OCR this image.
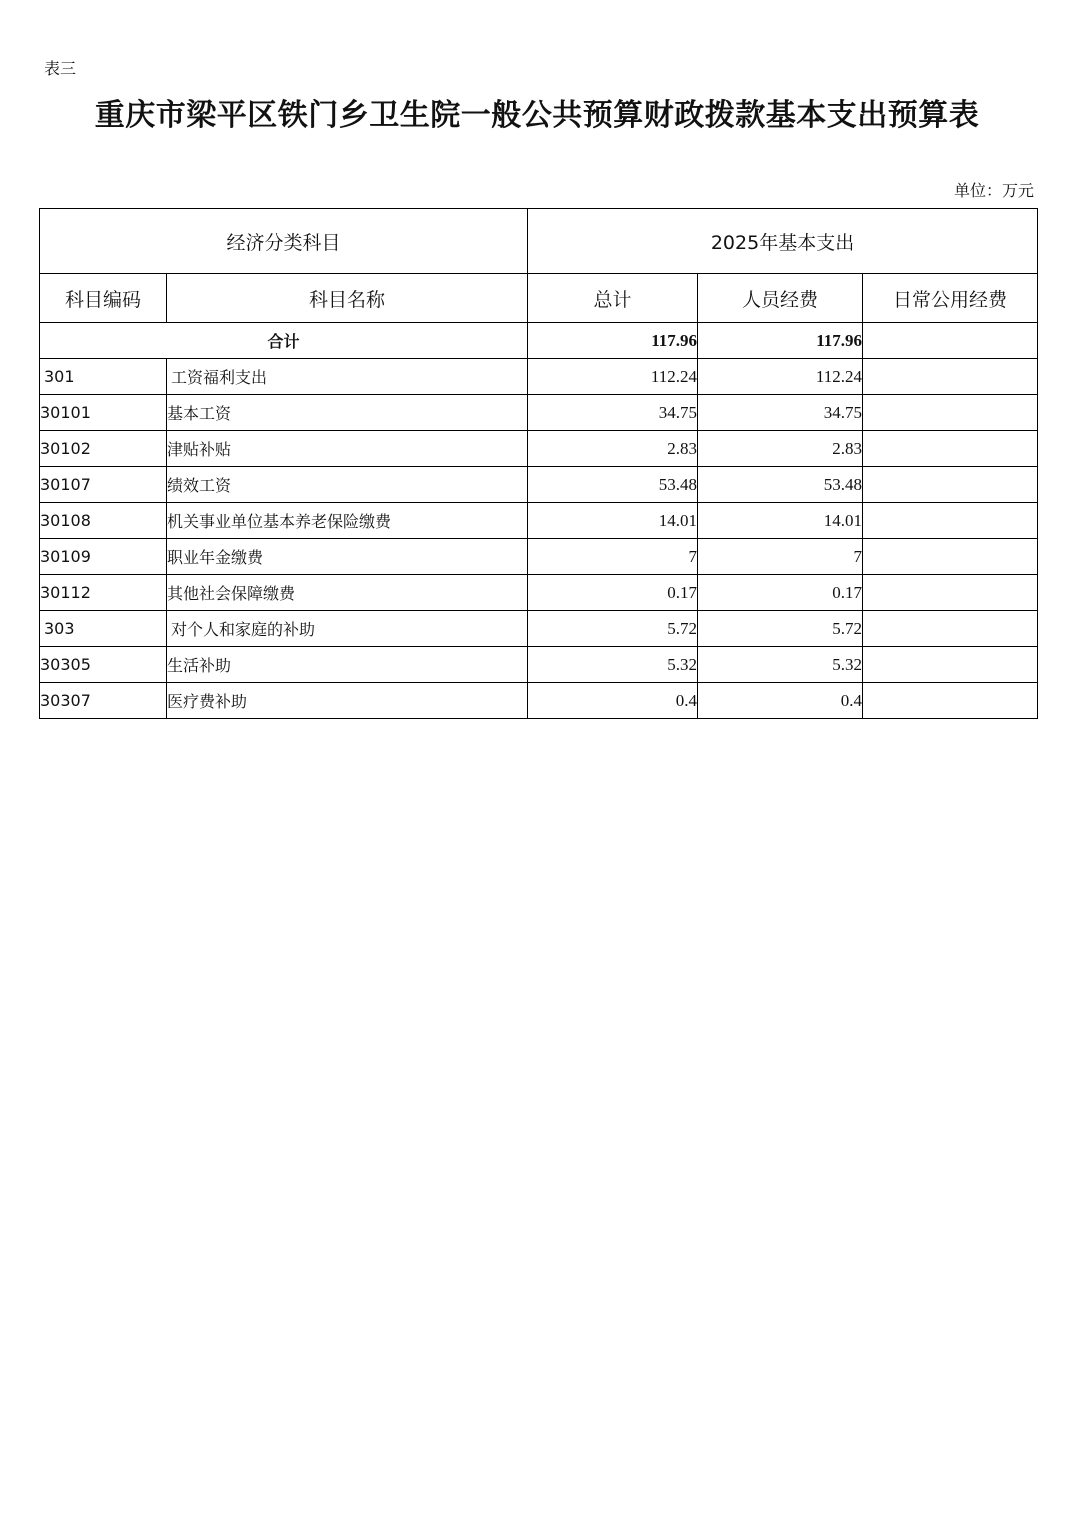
表三
重庆市梁平区铁门乡卫生院一般公共预算财政拨款基本支出预算表
单位：万元
经济分类科目		2025年基本支出		
科目编码	科目名称	总计	人员经费	日常公用经费
合计		117.96	117.96	
301	工资福利支出	112.24	112.24	
30101	基本工资	34.75	34.75	
30102	津贴补贴	2.83	2.83	
30107	绩效工资	53.48	53.48	
30108	机关事业单位基本养老保险缴费	14.01	14.01	
30109	职业年金缴费	7	7	
30112	其他社会保障缴费	0.17	0.17	
303	对个人和家庭的补助	5.72	5.72	
30305	生活补助	5.32	5.32	
30307	医疗费补助	0.4	0.4	
